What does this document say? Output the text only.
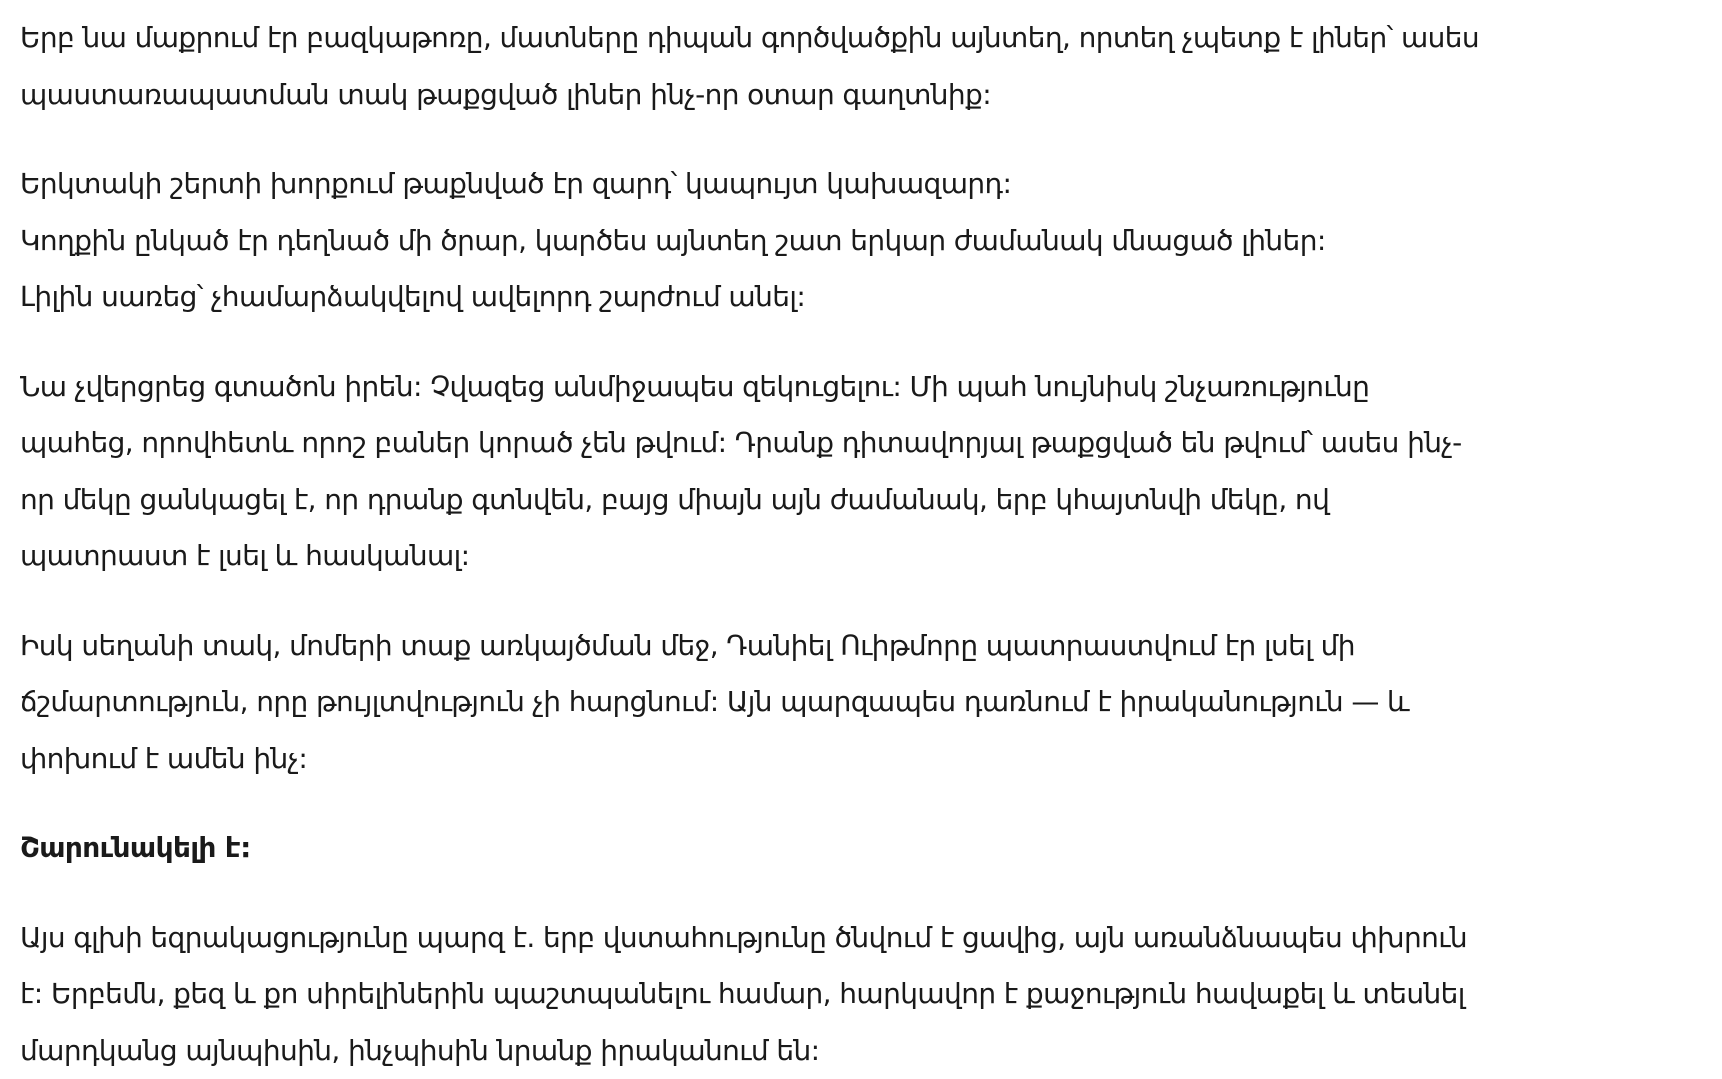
Երբ նա մաքրում էր բազկաթոռը, մատները դիպան գործվածքին այնտեղ, որտեղ չպետք է լիներ՝ ասես
պաստառապատման տակ թաքցված լիներ ինչ-որ օտար գաղտնիք:

Երկտակի շերտի խորքում թաքնված էր զարդ՝ կապույտ կախազարդ:
Կողքին ընկած էր դեղնած մի ծրար, կարծես այնտեղ շատ երկար ժամանակ մնացած լիներ:
Լիլին սառեց՝ չհամարձակվելով ավելորդ շարժում անել:

Նա չվերցրեց գտածոն իրեն: Չվազեց անմիջապես զեկուցելու: Մի պահ նույնիսկ շնչառությունը
պահեց, որովհետև որոշ բաներ կորած չեն թվում: Դրանք դիտավորյալ թաքցված են թվում՝ ասես ինչ-
որ մեկը ցանկացել է, որ դրանք գտնվեն, բայց միայն այն ժամանակ, երբ կհայտնվի մեկը, ով
պատրաստ է լսել և հասկանալ:

Իսկ սեղանի տակ, մոմերի տաք առկայծման մեջ, Դանիել Ուիթմորը պատրաստվում էր լսել մի
ճշմարտություն, որը թույլտվություն չի հարցնում: Այն պարզապես դառնում է իրականություն — և
փոխում է ամեն ինչ:

Շարունակելի է:

Այս գլխի եզրակացությունը պարզ է. երբ վստահությունը ծնվում է ցավից, այն առանձնապես փխրուն
է: Երբեմն, քեզ և քո սիրելիներին պաշտպանելու համար, հարկավոր է քաջություն հավաքել և տեսնել
մարդկանց այնպիսին, ինչպիսին նրանք իրականում են:
